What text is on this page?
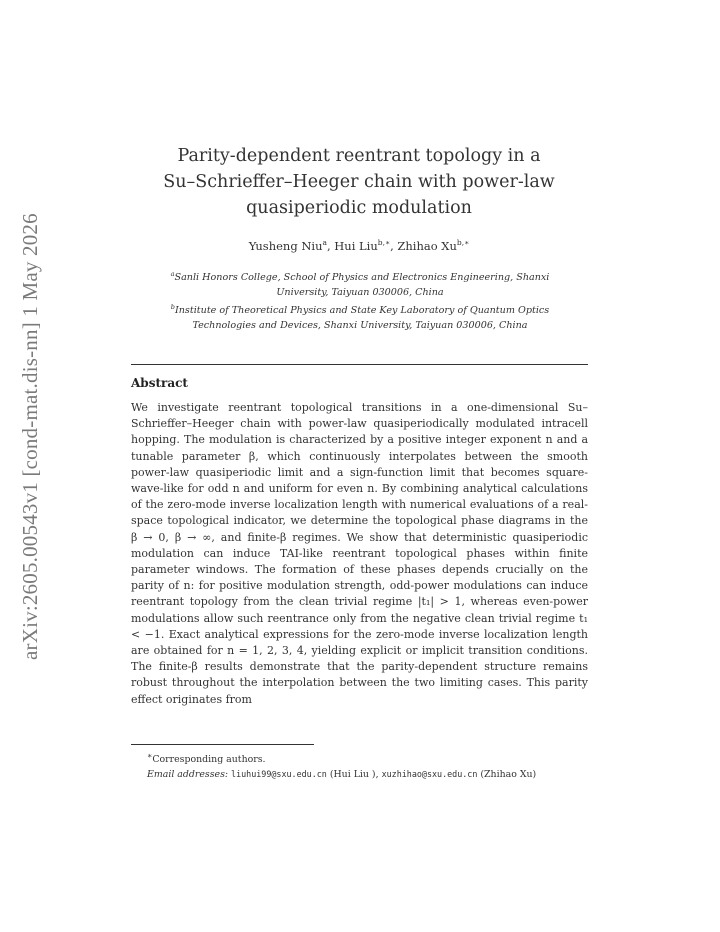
arXiv:2605.00543v1 [cond-mat.dis-nn] 1 May 2026
Parity-dependent reentrant topology in a
Su–Schrieffer–Heeger chain with power-law
quasiperiodic modulation
Yusheng Niu$^a$, Hui Liu$^{b,∗}$, Zhihao $Xu^{b,∗}$

$^a$Sanli Honors College, School of Physics and Electronics Engineering, Shanxi University, Taiyuan 030006, China

$^b$Institute of Theoretical Physics and State Key Laboratory of Quantum Optics Technologies and Devices, Shanxi University, Taiyuan 030006, China

Abstract

We investigate reentrant topological transitions in a one-dimensional Su–Schrieffer–Heeger chain with power-law quasiperiodically modulated intracell hopping. The modulation is characterized by a positive integer exponent n and a tunable parameter β, which continuously interpolates between the smooth power-law quasiperiodic limit and a sign-function limit that becomes square-wave-like for odd n and uniform for even n. By combining analytical calculations of the zero-mode inverse localization length with numerical evaluations of a real-space topological indicator, we determine the topological phase diagrams in the β → 0, β → ∞, and finite-β regimes. We show that deterministic quasiperiodic modulation can induce TAI-like reentrant topological phases within finite parameter windows. The formation of these phases depends crucially on the parity of n: for positive modulation strength, odd-power modulations can induce reentrant topology from the clean trivial regime |t₁| > 1, whereas even-power modulations allow such reentrance only from the negative clean trivial regime t₁ < −1. Exact analytical expressions for the zero-mode inverse localization length are obtained for n = 1, 2, 3, 4, yielding explicit or implicit transition conditions. The finite-β results demonstrate that the parity-dependent structure remains robust throughout the interpolation between the two limiting cases. This parity effect originates from

∗Corresponding authors.

Email addresses: liuhui99@sxu.edu.cn (Hui Liu ), xuzhihao@sxu.edu.cn (Zhihao Xu)
